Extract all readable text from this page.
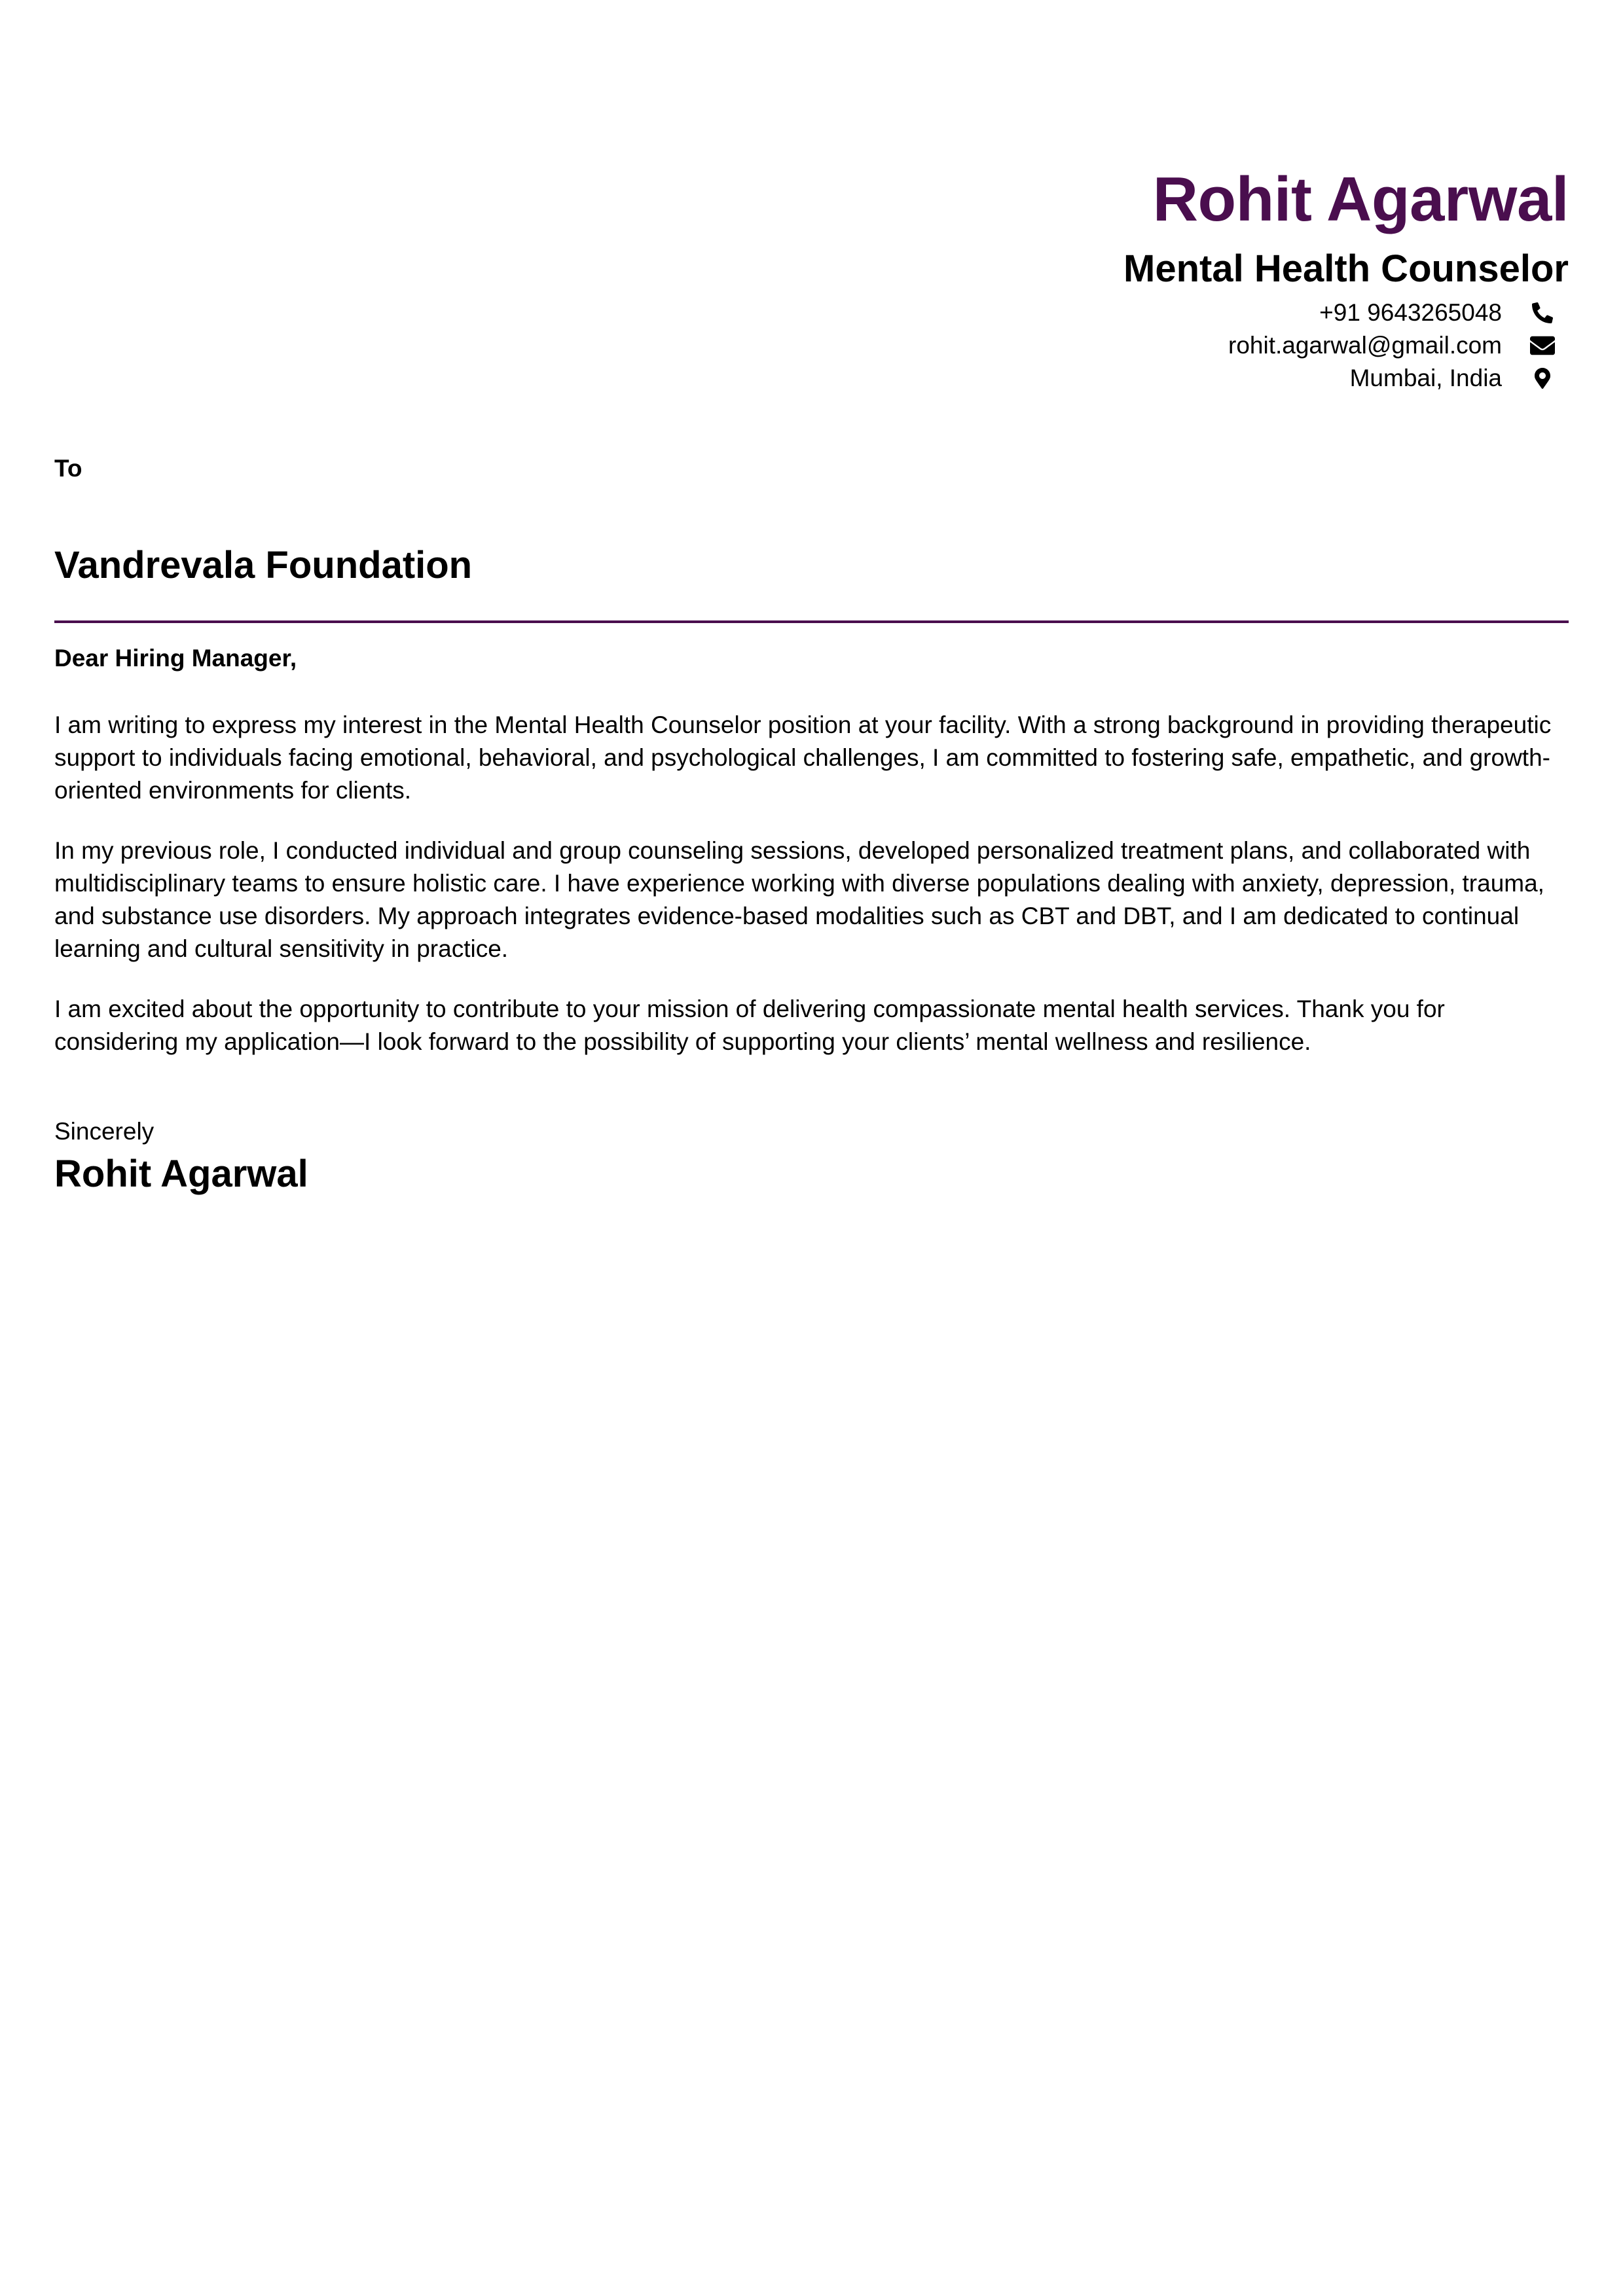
Rohit Agarwal
Mental Health Counselor
+91 9643265048
rohit.agarwal@gmail.com
Mumbai, India

To

Vandrevala Foundation

Dear Hiring Manager,

I am writing to express my interest in the Mental Health Counselor position at your facility. With a strong background in providing therapeutic support to individuals facing emotional, behavioral, and psychological challenges, I am committed to fostering safe, empathetic, and growth-oriented environments for clients.

In my previous role, I conducted individual and group counseling sessions, developed personalized treatment plans, and collaborated with multidisciplinary teams to ensure holistic care. I have experience working with diverse populations dealing with anxiety, depression, trauma, and substance use disorders. My approach integrates evidence-based modalities such as CBT and DBT, and I am dedicated to continual learning and cultural sensitivity in practice.

I am excited about the opportunity to contribute to your mission of delivering compassionate mental health services. Thank you for considering my application—I look forward to the possibility of supporting your clients’ mental wellness and resilience.

Sincerely

Rohit Agarwal
